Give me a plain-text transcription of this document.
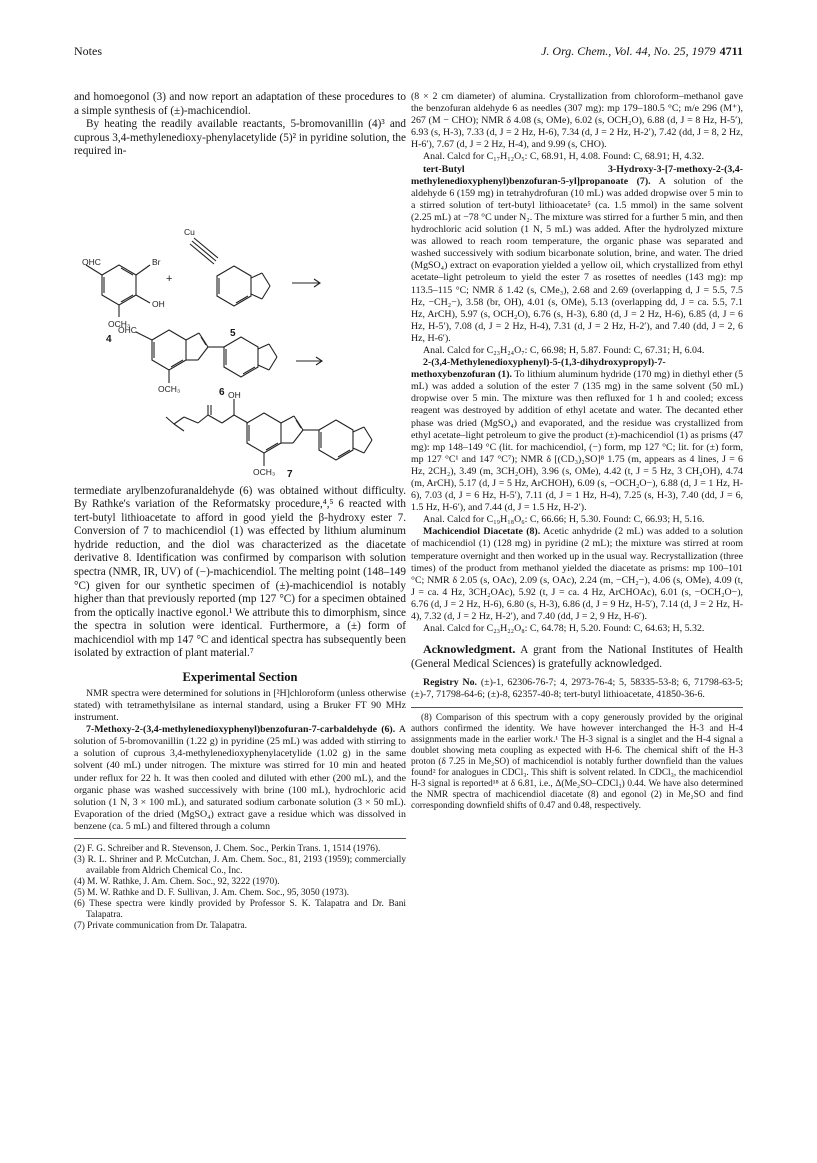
Notes	J. Org. Chem., Vol. 44, No. 25, 1979 4711

and homoegonol (3) and now report an adaptation of these procedures to a simple synthesis of (±)-machicendiol.

By heating the readily available reactants, 5-bromovanillin (4)³ and cuprous 3,4-methylenedioxy-phenylacetylide (5)² in pyridine solution, the required in-

OHC	Br
OH
OCH₃
4
+
Cu
5
OHC
OCH₃	6 OH
OCH₃ 7

termediate arylbenzofuranaldehyde (6) was obtained without difficulty. By Rathke's variation of the Reformatsky procedure,⁴,⁵ 6 reacted with tert-butyl lithioacetate to afford in good yield the β-hydroxy ester 7. Conversion of 7 to machicendiol (1) was effected by lithium aluminum hydride reduction, and the diol was characterized as the diacetate derivative 8. Identification was confirmed by comparison with solution spectra (NMR, IR, UV) of (−)-machicendiol. The melting point (148–149 °C) given for our synthetic specimen of (±)-machicendiol is notably higher than that previously reported (mp 127 °C) for a specimen obtained from the optically inactive egonol.¹ We attribute this to dimorphism, since the spectra in solution were identical. Furthermore, a (±) form of machicendiol with mp 147 °C and identical spectra has subsequently been isolated by extraction of plant material.⁷

Experimental Section

NMR spectra were determined for solutions in [²H]chloroform (unless otherwise stated) with tetramethylsilane as internal standard, using a Bruker FT 90 MHz instrument.

7-Methoxy-2-(3,4-methylenedioxyphenyl)benzofuran-7-carbaldehyde (6). A solution of 5-bromovanillin (1.22 g) in pyridine (25 mL) was added with stirring to a solution of cuprous 3,4-methylenedioxyphenylacetylide (1.02 g) in the same solvent (40 mL) under nitrogen. The mixture was stirred for 10 min and heated under reflux for 22 h. It was then cooled and diluted with ether (200 mL), and the organic phase was washed successively with brine (100 mL), hydrochloric acid solution (1 N, 3 × 100 mL), and saturated sodium carbonate solution (3 × 50 mL). Evaporation of the dried (MgSO₄) extract gave a residue which was dissolved in benzene (ca. 5 mL) and filtered through a column

(2) F. G. Schreiber and R. Stevenson, J. Chem. Soc., Perkin Trans. 1, 1514 (1976).

(3) R. L. Shriner and P. McCutchan, J. Am. Chem. Soc., 81, 2193 (1959); commercially available from Aldrich Chemical Co., Inc.

(4) M. W. Rathke, J. Am. Chem. Soc., 92, 3222 (1970).

(5) M. W. Rathke and D. F. Sullivan, J. Am. Chem. Soc., 95, 3050 (1973).

(6) These spectra were kindly provided by Professor S. K. Talapatra and Dr. Bani Talapatra.

(7) Private communication from Dr. Talapatra.

(8 × 2 cm diameter) of alumina. Crystallization from chloroform–methanol gave the benzofuran aldehyde 6 as needles (307 mg): mp 179–180.5 °C; m/e 296 (M⁺), 267 (M − CHO); NMR δ 4.08 (s, OMe), 6.02 (s, OCH₂O), 6.88 (d, J = 8 Hz, H-5′), 6.93 (s, H-3), 7.33 (d, J = 2 Hz, H-6), 7.34 (d, J = 2 Hz, H-2′), 7.42 (dd, J = 8, 2 Hz, H-6′), 7.67 (d, J = 2 Hz, H-4), and 9.99 (s, CHO).

Anal. Calcd for C₁₇H₁₂O₅: C, 68.91, H, 4.08. Found: C, 68.91; H, 4.32.

tert-Butyl 3-Hydroxy-3-[7-methoxy-2-(3,4-methylenedioxyphenyl)benzofuran-5-yl]propanoate (7). A solution of the aldehyde 6 (159 mg) in tetrahydrofuran (10 mL) was added dropwise over 5 min to a stirred solution of tert-butyl lithioacetate⁵ (ca. 1.5 mmol) in the same solvent (2.25 mL) at −78 °C under N₂. The mixture was stirred for a further 5 min, and then hydrochloric acid solution (1 N, 5 mL) was added. After the hydrolyzed mixture was allowed to reach room temperature, the organic phase was separated and washed successively with sodium bicarbonate solution, brine, and water. The dried (MgSO₄) extract on evaporation yielded a yellow oil, which crystallized from ethyl acetate–light petroleum to yield the ester 7 as rosettes of needles (143 mg): mp 113.5–115 °C; NMR δ 1.42 (s, CMe₃), 2.68 and 2.69 (overlapping d, J = 5.5, 7.5 Hz, −CH₂−), 3.58 (br, OH), 4.01 (s, OMe), 5.13 (overlapping dd, J = ca. 5.5, 7.1 Hz, ArCH), 5.97 (s, OCH₂O), 6.76 (s, H-3), 6.80 (d, J = 2 Hz, H-6), 6.85 (d, J = 6 Hz, H-5′), 7.08 (d, J = 2 Hz, H-4), 7.31 (d, J = 2 Hz, H-2′), and 7.40 (dd, J = 2, 6 Hz, H-6′).

Anal. Calcd for C₂₃H₂₄O₇: C, 66.98; H, 5.87. Found: C, 67.31; H, 6.04.

2-(3,4-Methylenedioxyphenyl)-5-(1,3-dihydroxypropyl)-7-methoxybenzofuran (1). To lithium aluminum hydride (170 mg) in diethyl ether (5 mL) was added a solution of the ester 7 (135 mg) in the same solvent (50 mL) dropwise over 5 min. The mixture was then refluxed for 1 h and cooled; excess reagent was destroyed by addition of ethyl acetate and water. The decanted ether phase was dried (MgSO₄) and evaporated, and the residue was crystallized from ethyl acetate–light petroleum to give the product (±)-machicendiol (1) as prisms (47 mg): mp 148–149 °C (lit. for machicendiol, (−) form, mp 127 °C; lit. for (±) form, mp 127 °C¹ and 147 °C⁷); NMR δ [(CD₃)₂SO]⁸ 1.75 (m, appears as 4 lines, J = 6 Hz, 2CH₂), 3.49 (m, 3CH₂OH), 3.96 (s, OMe), 4.42 (t, J = 5 Hz, 3 CH₂OH), 4.74 (m, ArCH), 5.17 (d, J = 5 Hz, ArCHOH), 6.09 (s, −OCH₂O−), 6.88 (d, J = 1 Hz, H-6), 7.03 (d, J = 6 Hz, H-5′), 7.11 (d, J = 1 Hz, H-4), 7.25 (s, H-3), 7.40 (dd, J = 6, 1.5 Hz, H-6′), and 7.44 (d, J = 1.5 Hz, H-2′).

Anal. Calcd for C₁₉H₁₈O₆: C, 66.66; H, 5.30. Found: C, 66.93; H, 5.16.

Machicendiol Diacetate (8). Acetic anhydride (2 mL) was added to a solution of machicendiol (1) (128 mg) in pyridine (2 mL); the mixture was stirred at room temperature overnight and then worked up in the usual way. Recrystallization (three times) of the product from methanol yielded the diacetate as prisms: mp 100–101 °C; NMR δ 2.05 (s, OAc), 2.09 (s, OAc), 2.24 (m, −CH₂−), 4.06 (s, OMe), 4.09 (t, J = ca. 4 Hz, 3CH₂OAc), 5.92 (t, J = ca. 4 Hz, ArCHOAc), 6.01 (s, −OCH₂O−), 6.76 (d, J = 2 Hz, H-6), 6.80 (s, H-3), 6.86 (d, J = 9 Hz, H-5′), 7.14 (d, J = 2 Hz, H-4), 7.32 (d, J = 2 Hz, H-2′), and 7.40 (dd, J = 2, 9 Hz, H-6′).

Anal. Calcd for C₂₃H₂₂O₈: C, 64.78; H, 5.20. Found: C, 64.63; H, 5.32.

Acknowledgment. A grant from the National Institutes of Health (General Medical Sciences) is gratefully acknowledged.

Registry No. (±)-1, 62306-76-7; 4, 2973-76-4; 5, 58335-53-8; 6, 71798-63-5; (±)-7, 71798-64-6; (±)-8, 62357-40-8; tert-butyl lithioacetate, 41850-36-6.

(8) Comparison of this spectrum with a copy generously provided by the original authors confirmed the identity. We have however interchanged the H-3 and H-4 assignments made in the earlier work.¹ The H-3 signal is a singlet and the H-4 signal a doublet showing meta coupling as expected with H-6. The chemical shift of the H-3 proton (δ 7.25 in Me₂SO) of machicendiol is notably further downfield than the values found² for analogues in CDCl₃. This shift is solvent related. In CDCl₃, the machicendiol H-3 signal is reported¹⁸ at δ 6.81, i.e., Δ(Me₂SO–CDCl₃) 0.44. We have also determined the NMR spectra of machicendiol diacetate (8) and egonol (2) in Me₂SO and find corresponding downfield shifts of 0.47 and 0.48, respectively.
